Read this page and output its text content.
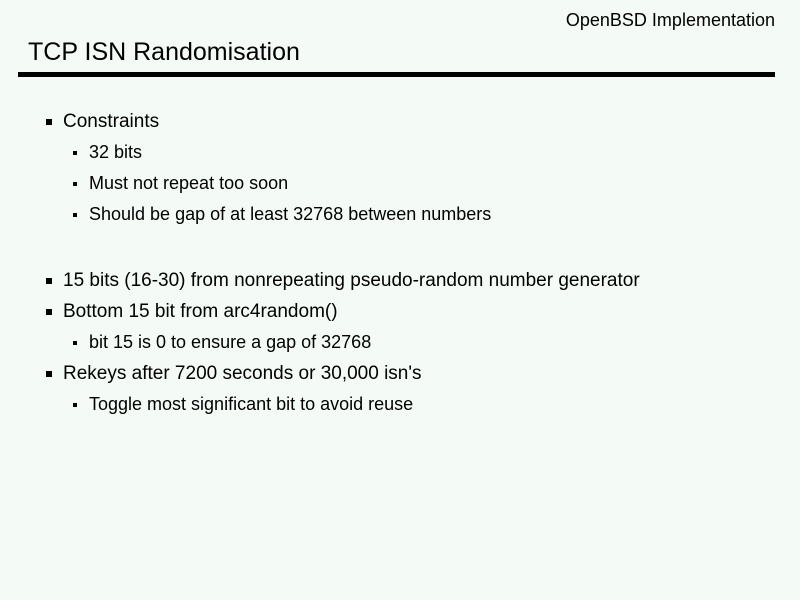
OpenBSD Implementation
TCP ISN Randomisation
Constraints
32 bits
Must not repeat too soon
Should be gap of at least 32768 between numbers
15 bits (16-30) from nonrepeating pseudo-random number generator
Bottom 15 bit from arc4random()
bit 15 is 0 to ensure a gap of 32768
Rekeys after 7200 seconds or 30,000 isn's
Toggle most significant bit to avoid reuse
